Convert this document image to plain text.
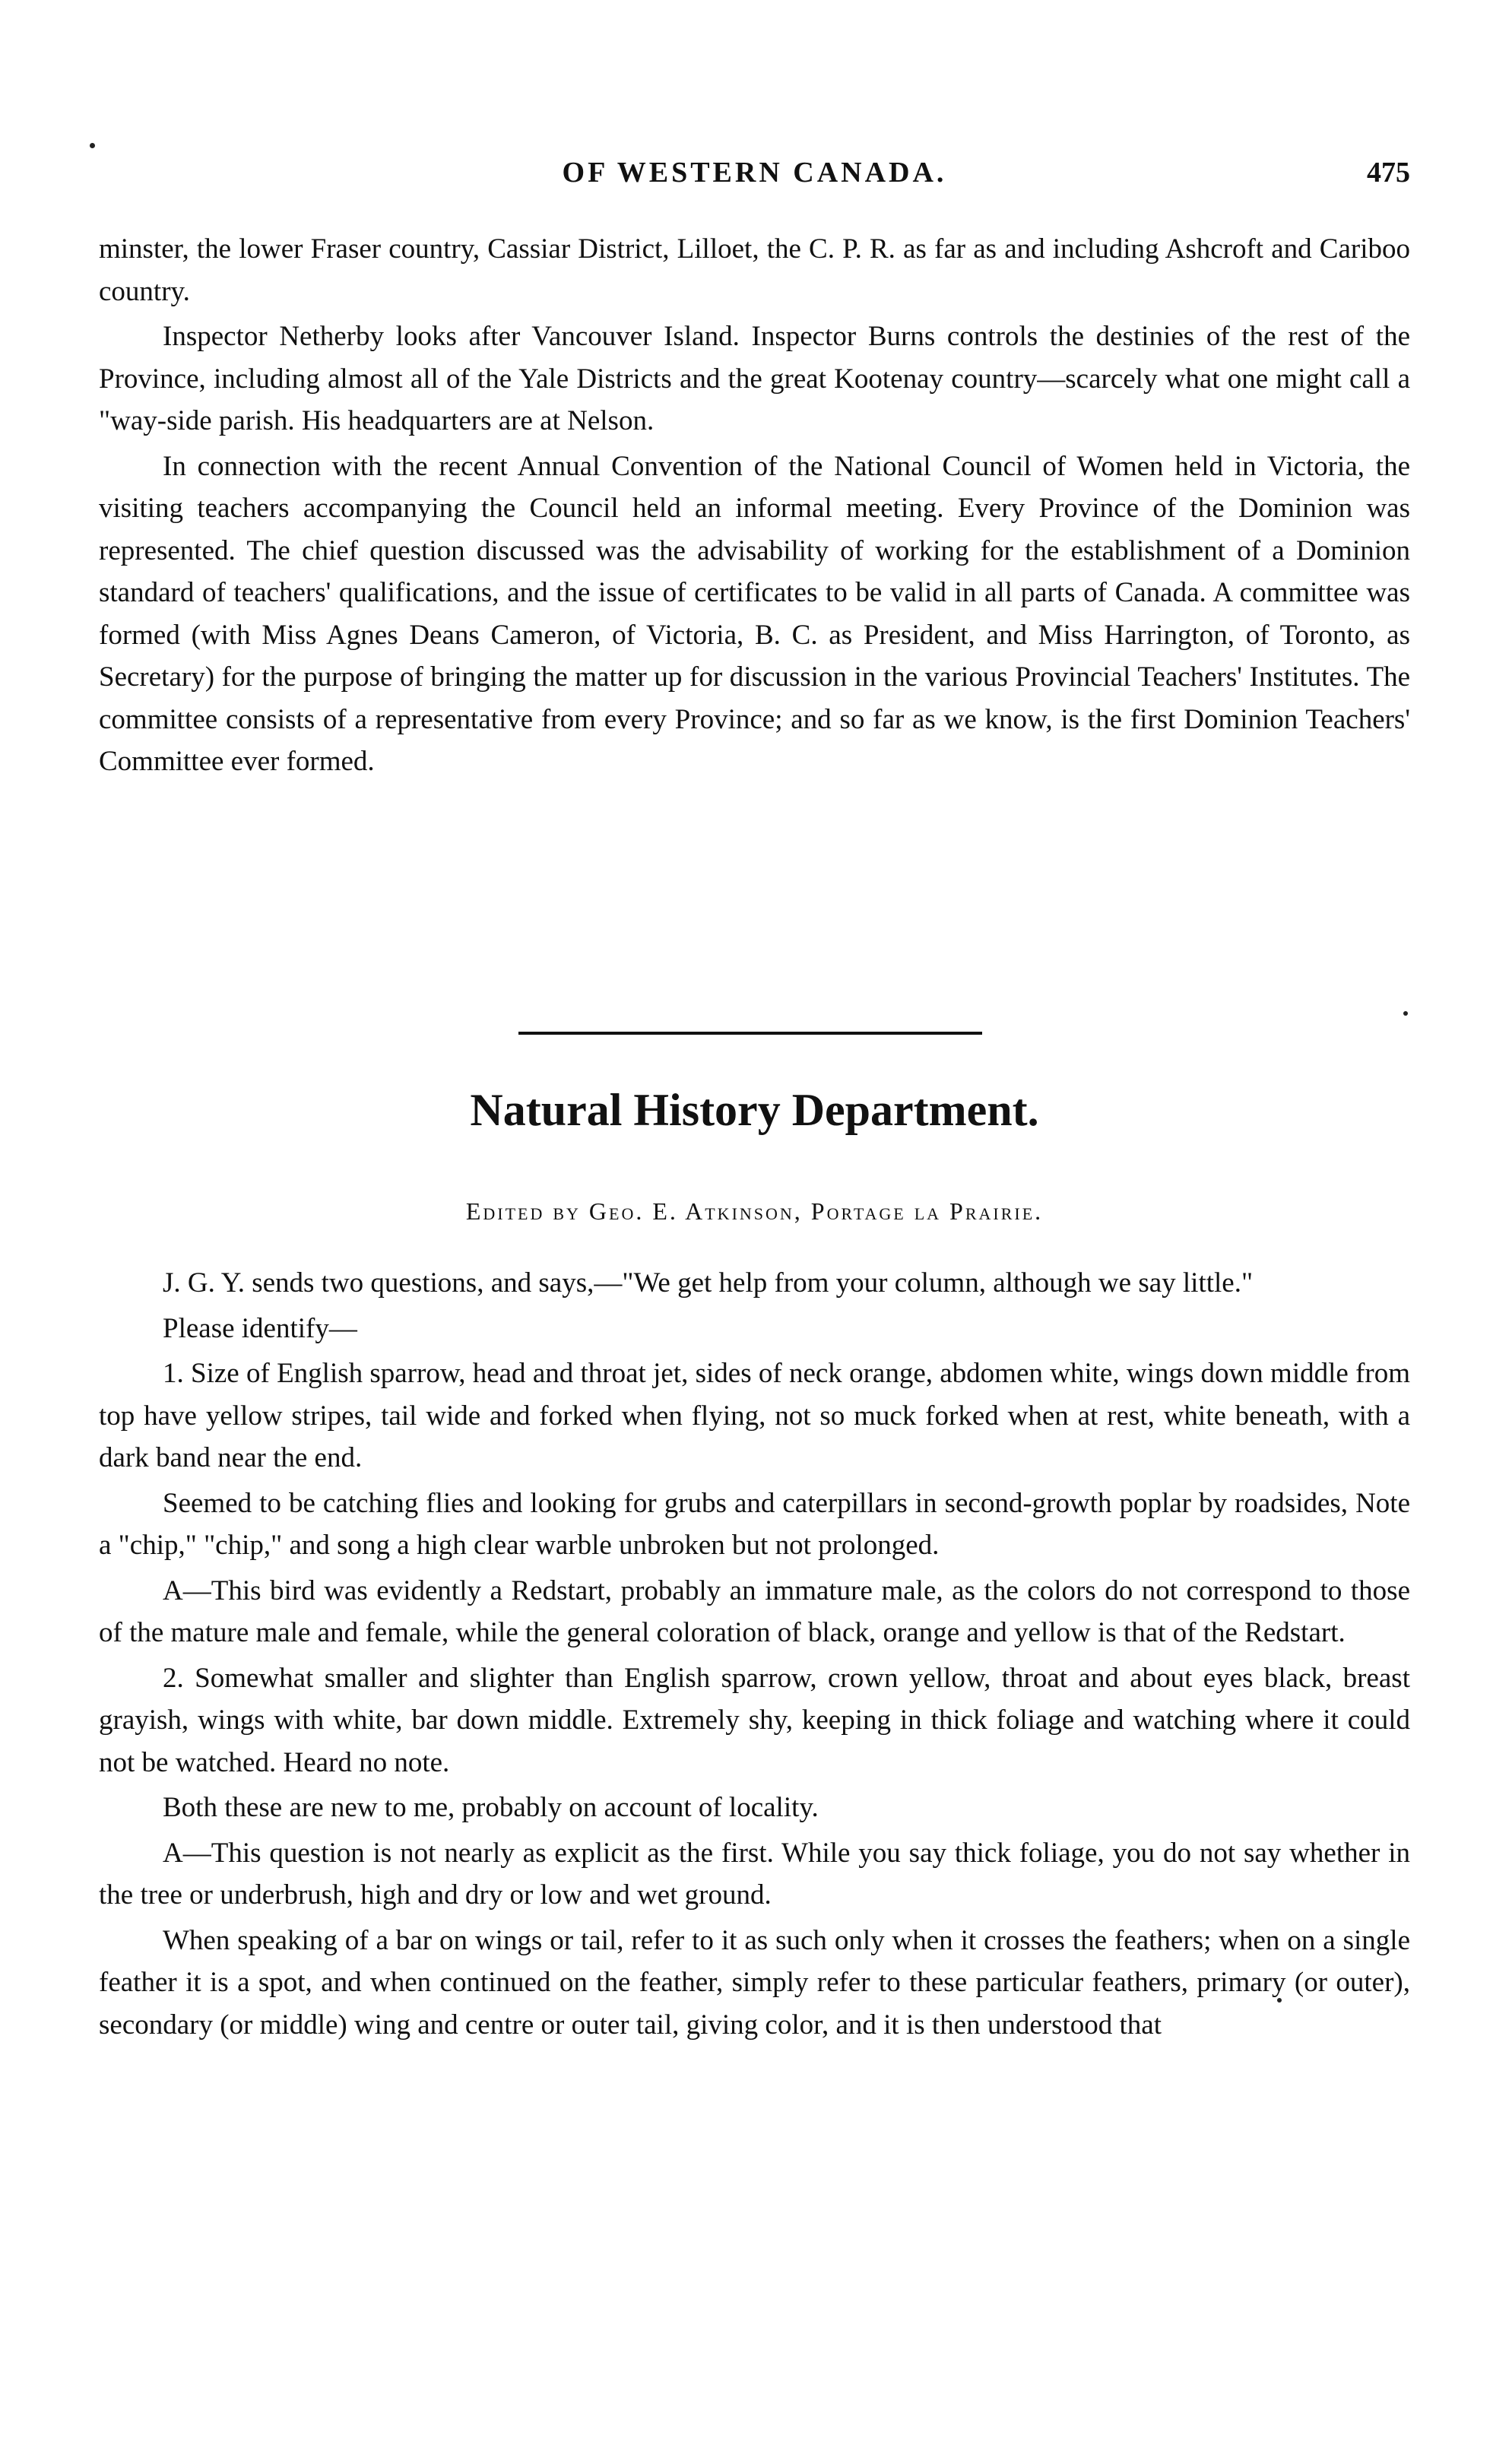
OF WESTERN CANADA.	475

minster, the lower Fraser country, Cassiar District, Lilloet, the C. P. R. as far as and including Ashcroft and Cariboo country.

Inspector Netherby looks after Vancouver Island. Inspector Burns controls the destinies of the rest of the Province, including almost all of the Yale Districts and the great Kootenay country—scarcely what one might call a "way-side parish. His headquarters are at Nelson.

In connection with the recent Annual Convention of the National Council of Women held in Victoria, the visiting teachers accompanying the Council held an informal meeting. Every Province of the Dominion was represented. The chief question discussed was the advisability of working for the establishment of a Dominion standard of teachers' qualifications, and the issue of certificates to be valid in all parts of Canada. A committee was formed (with Miss Agnes Deans Cameron, of Victoria, B. C. as President, and Miss Harrington, of Toronto, as Secretary) for the purpose of bringing the matter up for discussion in the various Provincial Teachers' Institutes. The committee consists of a representative from every Province; and so far as we know, is the first Dominion Teachers' Committee ever formed.

Natural History Department.
Edited by Geo. E. Atkinson, Portage la Prairie.

J. G. Y. sends two questions, and says,—"We get help from your column, although we say little."

Please identify—

1. Size of English sparrow, head and throat jet, sides of neck orange, abdomen white, wings down middle from top have yellow stripes, tail wide and forked when flying, not so muck forked when at rest, white beneath, with a dark band near the end.

Seemed to be catching flies and looking for grubs and caterpillars in second-growth poplar by roadsides, Note a "chip," "chip," and song a high clear warble unbroken but not prolonged.

A—This bird was evidently a Redstart, probably an immature male, as the colors do not correspond to those of the mature male and female, while the general coloration of black, orange and yellow is that of the Redstart.

2. Somewhat smaller and slighter than English sparrow, crown yellow, throat and about eyes black, breast grayish, wings with white, bar down middle. Extremely shy, keeping in thick foliage and watching where it could not be watched. Heard no note.

Both these are new to me, probably on account of locality.

A—This question is not nearly as explicit as the first. While you say thick foliage, you do not say whether in the tree or underbrush, high and dry or low and wet ground.

When speaking of a bar on wings or tail, refer to it as such only when it crosses the feathers; when on a single feather it is a spot, and when continued on the feather, simply refer to these particular feathers, primary (or outer), secondary (or middle) wing and centre or outer tail, giving color, and it is then understood that
